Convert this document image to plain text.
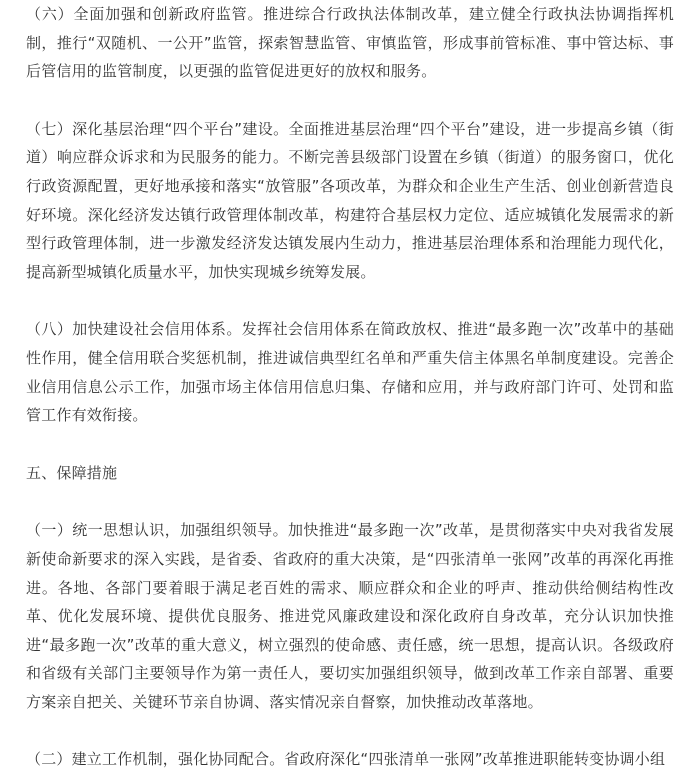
（六）全面加强和创新政府监管。推进综合行政执法体制改革，建立健全行政执法协调指挥机制，推行“双随机、一公开”监管，探索智慧监管、审慎监管，形成事前管标准、事中管达标、事后管信用的监管制度，以更强的监管促进更好的放权和服务。

（七）深化基层治理“四个平台”建设。全面推进基层治理“四个平台”建设，进一步提高乡镇（街道）响应群众诉求和为民服务的能力。不断完善县级部门设置在乡镇（街道）的服务窗口，优化行政资源配置，更好地承接和落实“放管服”各项改革，为群众和企业生产生活、创业创新营造良好环境。深化经济发达镇行政管理体制改革，构建符合基层权力定位、适应城镇化发展需求的新型行政管理体制，进一步激发经济发达镇发展内生动力，推进基层治理体系和治理能力现代化，提高新型城镇化质量水平，加快实现城乡统筹发展。

（八）加快建设社会信用体系。发挥社会信用体系在简政放权、推进“最多跑一次”改革中的基础性作用，健全信用联合奖惩机制，推进诚信典型红名单和严重失信主体黑名单制度建设。完善企业信用信息公示工作，加强市场主体信用信息归集、存储和应用，并与政府部门许可、处罚和监管工作有效衔接。

五、保障措施

（一）统一思想认识，加强组织领导。加快推进“最多跑一次”改革，是贯彻落实中央对我省发展新使命新要求的深入实践，是省委、省政府的重大决策，是“四张清单一张网”改革的再深化再推进。各地、各部门要着眼于满足老百姓的需求、顺应群众和企业的呼声、推动供给侧结构性改革、优化发展环境、提供优良服务、推进党风廉政建设和深化政府自身改革，充分认识加快推进“最多跑一次”改革的重大意义，树立强烈的使命感、责任感，统一思想，提高认识。各级政府和省级有关部门主要领导作为第一责任人，要切实加强组织领导，做到改革工作亲自部署、重要方案亲自把关、关键环节亲自协调、落实情况亲自督察，加快推动改革落地。

（二）建立工作机制，强化协同配合。省政府深化“四张清单一张网”改革推进职能转变协调小组
